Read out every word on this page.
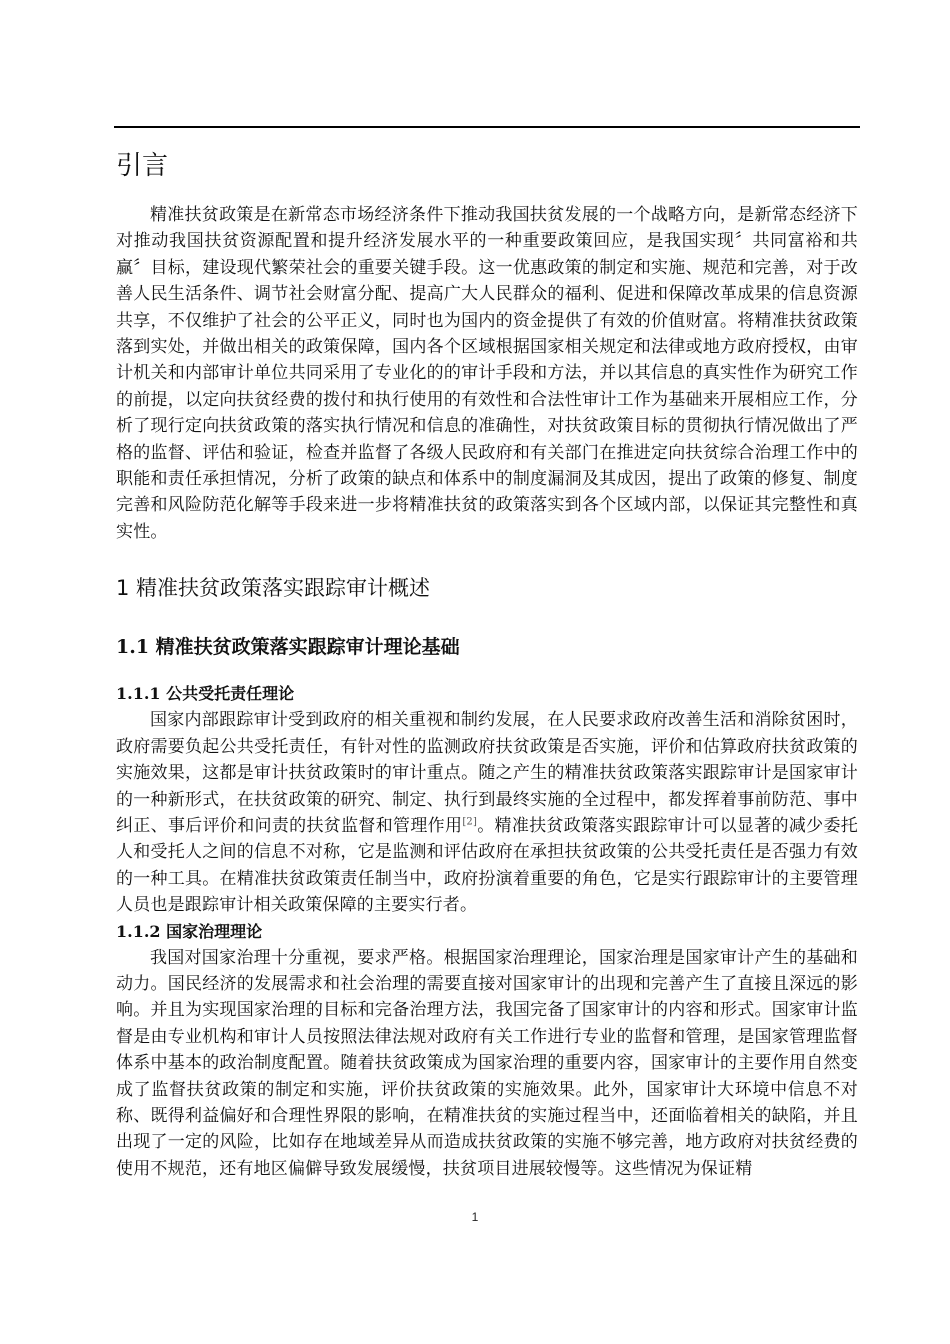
引言

精准扶贫政策是在新常态市场经济条件下推动我国扶贫发展的一个战略方向，是新常态经济下对推动我国扶贫资源配置和提升经济发展水平的一种重要政策回应，是我国实现〞共同富裕和共赢〞目标，建设现代繁荣社会的重要关键手段。这一优惠政策的制定和实施、规范和完善，对于改善人民生活条件、调节社会财富分配、提高广大人民群众的福利、促进和保障改革成果的信息资源共享，不仅维护了社会的公平正义，同时也为国内的资金提供了有效的价值财富。将精准扶贫政策落到实处，并做出相关的政策保障，国内各个区域根据国家相关规定和法律或地方政府授权，由审计机关和内部审计单位共同采用了专业化的的审计手段和方法，并以其信息的真实性作为研究工作的前提，以定向扶贫经费的拨付和执行使用的有效性和合法性审计工作为基础来开展相应工作，分析了现行定向扶贫政策的落实执行情况和信息的准确性，对扶贫政策目标的贯彻执行情况做出了严格的监督、评估和验证，检查并监督了各级人民政府和有关部门在推进定向扶贫综合治理工作中的职能和责任承担情况，分析了政策的缺点和体系中的制度漏洞及其成因，提出了政策的修复、制度完善和风险防范化解等手段来进一步将精准扶贫的政策落实到各个区域内部，以保证其完整性和真实性。

1 精准扶贫政策落实跟踪审计概述
1.1 精准扶贫政策落实跟踪审计理论基础
1.1.1 公共受托责任理论

国家内部跟踪审计受到政府的相关重视和制约发展，在人民要求政府改善生活和消除贫困时，政府需要负起公共受托责任，有针对性的监测政府扶贫政策是否实施，评价和估算政府扶贫政策的实施效果，这都是审计扶贫政策时的审计重点。随之产生的精准扶贫政策落实跟踪审计是国家审计的一种新形式，在扶贫政策的研究、制定、执行到最终实施的全过程中，都发挥着事前防范、事中纠正、事后评价和问责的扶贫监督和管理作用[2]。精准扶贫政策落实跟踪审计可以显著的减少委托人和受托人之间的信息不对称，它是监测和评估政府在承担扶贫政策的公共受托责任是否强力有效的一种工具。在精准扶贫政策责任制当中，政府扮演着重要的角色，它是实行跟踪审计的主要管理人员也是跟踪审计相关政策保障的主要实行者。

1.1.2 国家治理理论

我国对国家治理十分重视，要求严格。根据国家治理理论，国家治理是国家审计产生的基础和动力。国民经济的发展需求和社会治理的需要直接对国家审计的出现和完善产生了直接且深远的影响。并且为实现国家治理的目标和完备治理方法，我国完备了国家审计的内容和形式。国家审计监督是由专业机构和审计人员按照法律法规对政府有关工作进行专业的监督和管理，是国家管理监督体系中基本的政治制度配置。随着扶贫政策成为国家治理的重要内容，国家审计的主要作用自然变成了监督扶贫政策的制定和实施，评价扶贫政策的实施效果。此外，国家审计大环境中信息不对称、既得利益偏好和合理性界限的影响，在精准扶贫的实施过程当中，还面临着相关的缺陷，并且出现了一定的风险，比如存在地域差异从而造成扶贫政策的实施不够完善，地方政府对扶贫经费的使用不规范，还有地区偏僻导致发展缓慢，扶贫项目进展较慢等。这些情况为保证精

1
